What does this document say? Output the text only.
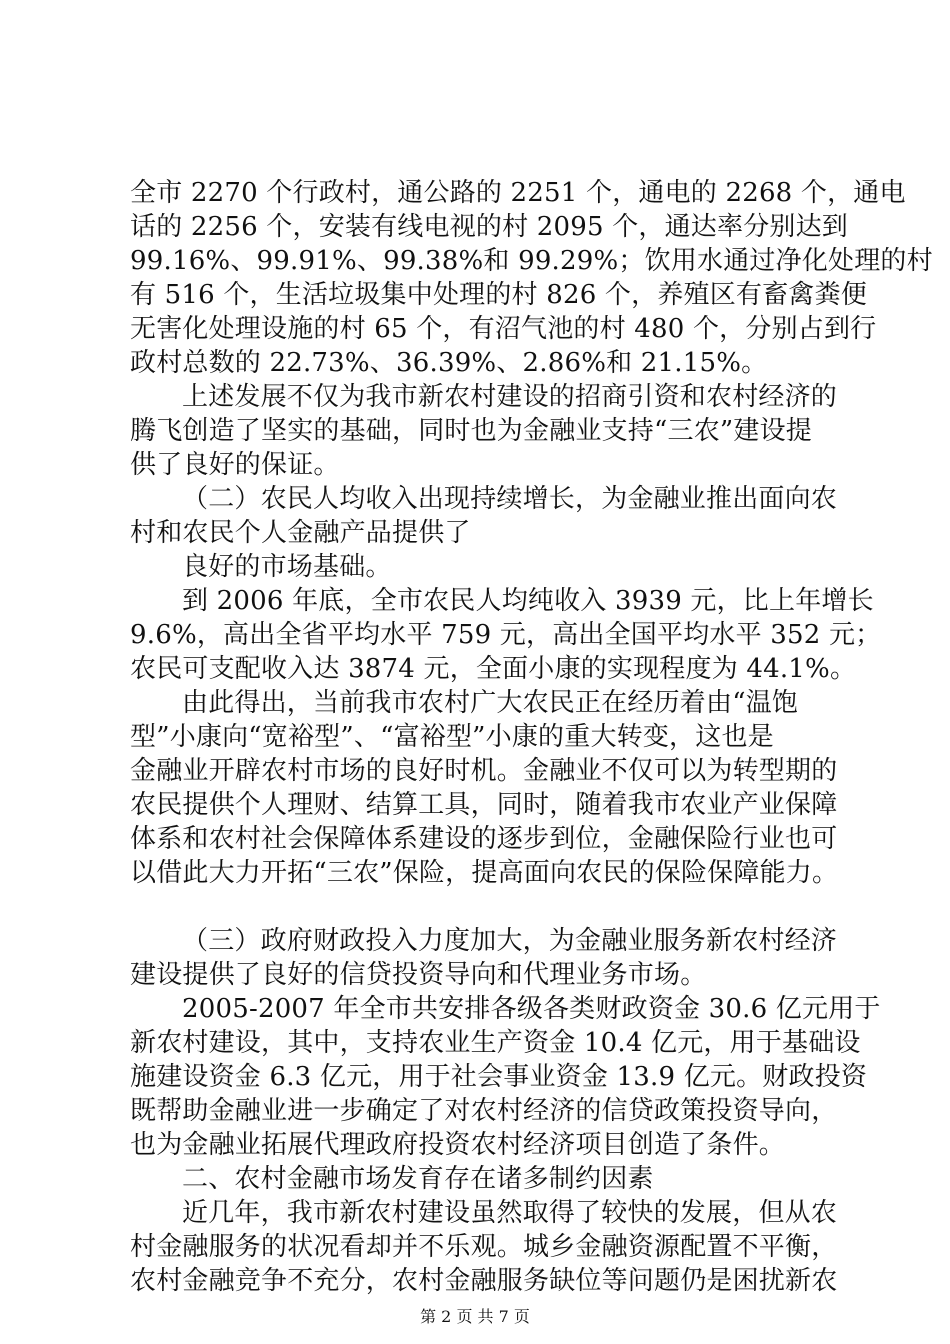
全市 2270 个行政村，通公路的 2251 个，通电的 2268 个，通电
话的 2256 个，安装有线电视的村 2095 个，通达率分别达到
99.16%、99.91%、99.38%和 99.29%；饮用水通过净化处理的村
有 516 个，生活垃圾集中处理的村 826 个，养殖区有畜禽粪便
无害化处理设施的村 65 个，有沼气池的村 480 个，分别占到行
政村总数的 22.73%、36.39%、2.86%和 21.15%。
上述发展不仅为我市新农村建设的招商引资和农村经济的
腾飞创造了坚实的基础，同时也为金融业支持“三农”建设提
供了良好的保证。
（二）农民人均收入出现持续增长，为金融业推出面向农
村和农民个人金融产品提供了
良好的市场基础。
到 2006 年底，全市农民人均纯收入 3939 元，比上年增长
9.6%，高出全省平均水平 759 元，高出全国平均水平 352 元；
农民可支配收入达 3874 元，全面小康的实现程度为 44.1%。
由此得出，当前我市农村广大农民正在经历着由“温饱
型”小康向“宽裕型”、“富裕型”小康的重大转变，这也是
金融业开辟农村市场的良好时机。金融业不仅可以为转型期的
农民提供个人理财、结算工具，同时，随着我市农业产业保障
体系和农村社会保障体系建设的逐步到位，金融保险行业也可
以借此大力开拓“三农”保险，提高面向农民的保险保障能力。
（三）政府财政投入力度加大，为金融业服务新农村经济
建设提供了良好的信贷投资导向和代理业务市场。
2005-2007 年全市共安排各级各类财政资金 30.6 亿元用于
新农村建设，其中，支持农业生产资金 10.4 亿元，用于基础设
施建设资金 6.3 亿元，用于社会事业资金 13.9 亿元。财政投资
既帮助金融业进一步确定了对农村经济的信贷政策投资导向，
也为金融业拓展代理政府投资农村经济项目创造了条件。
二、农村金融市场发育存在诸多制约因素
近几年，我市新农村建设虽然取得了较快的发展，但从农
村金融服务的状况看却并不乐观。城乡金融资源配置不平衡，
农村金融竞争不充分，农村金融服务缺位等问题仍是困扰新农
第 2 页 共 7 页
